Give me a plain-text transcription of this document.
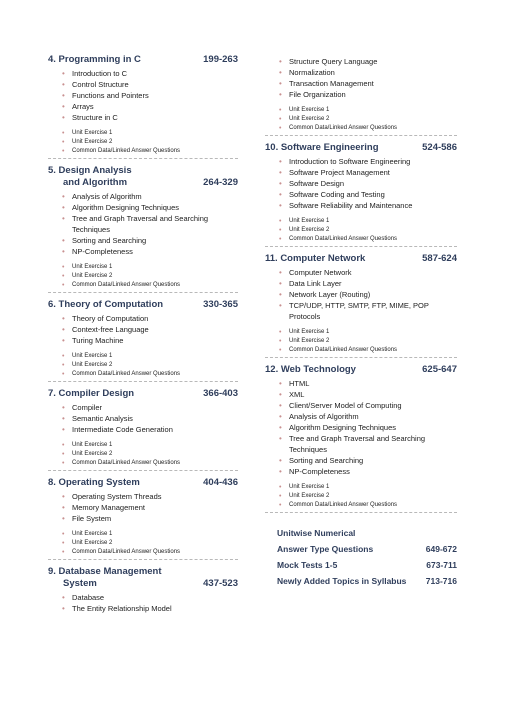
4. Programming in C	199-263
• Introduction to C
• Control Structure
• Functions and Pointers
• Arrays
• Structure in C
• Unit Exercise 1
• Unit Exercise 2
• Common Data/Linked Answer Questions
5. Design Analysis
and Algorithm	264-329
• Analysis of Algorithm
• Algorithm Designing Techniques
• Tree and Graph Traversal and Searching Techniques
• Sorting and Searching
• NP-Completeness
• Unit Exercise 1
• Unit Exercise 2
• Common Data/Linked Answer Questions
6. Theory of Computation	330-365
• Theory of Computation
• Context-free Language
• Turing Machine
• Unit Exercise 1
• Unit Exercise 2
• Common Data/Linked Answer Questions
7. Compiler Design	366-403
• Compiler
• Semantic Analysis
• Intermediate Code Generation
• Unit Exercise 1
• Unit Exercise 2
• Common Data/Linked Answer Questions
8. Operating System	404-436
• Operating System Threads
• Memory Management
• File System
• Unit Exercise 1
• Unit Exercise 2
• Common Data/Linked Answer Questions
9. Database Management
System	437-523
• Database
• The Entity Relationship Model
• Structure Query Language
• Normalization
• Transaction Management
• File Organization
• Unit Exercise 1
• Unit Exercise 2
• Common Data/Linked Answer Questions
10. Software Engineering	524-586
• Introduction to Software Engineering
• Software Project Management
• Software Design
• Software Coding and Testing
• Software Reliability and Maintenance
• Unit Exercise 1
• Unit Exercise 2
• Common Data/Linked Answer Questions
11. Computer Network	587-624
• Computer Network
• Data Link Layer
• Network Layer (Routing)
• TCP/UDP, HTTP, SMTP, FTP, MIME, POP Protocols
• Unit Exercise 1
• Unit Exercise 2
• Common Data/Linked Answer Questions
12. Web Technology	625-647
• HTML
• XML
• Client/Server Model of Computing
• Analysis of Algorithm
• Algorithm Designing Techniques
• Tree and Graph Traversal and Searching Techniques
• Sorting and Searching
• NP-Completeness
• Unit Exercise 1
• Unit Exercise 2
• Common Data/Linked Answer Questions
Unitwise Numerical
Answer Type Questions	649-672
Mock Tests 1-5	673-711
Newly Added Topics in Syllabus 713-716
